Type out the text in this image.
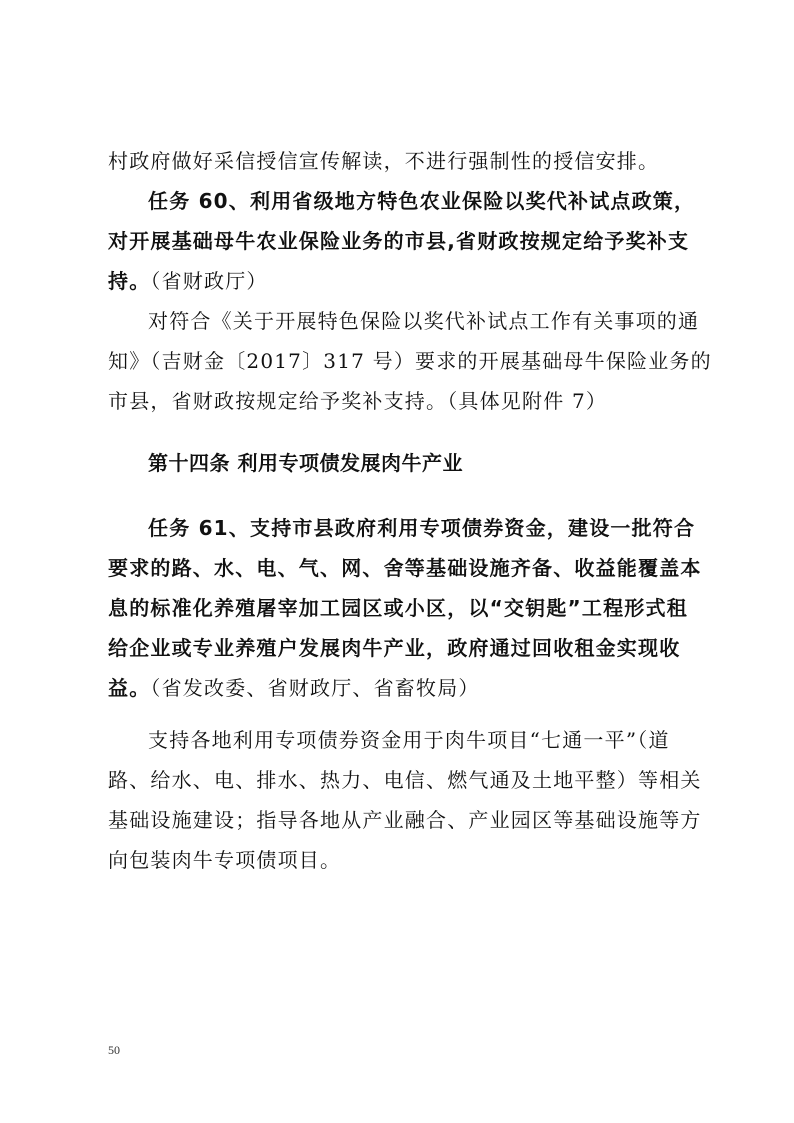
村政府做好采信授信宣传解读，不进行强制性的授信安排。
任务 60、利用省级地方特色农业保险以奖代补试点政策，
对开展基础母牛农业保险业务的市县,省财政按规定给予奖补支
持。（省财政厅）
对符合《关于开展特色保险以奖代补试点工作有关事项的通
知》（吉财金〔2017〕317 号）要求的开展基础母牛保险业务的
市县，省财政按规定给予奖补支持。（具体见附件 7）
第十四条 利用专项债发展肉牛产业
任务 61、支持市县政府利用专项债券资金，建设一批符合
要求的路、水、电、气、网、舍等基础设施齐备、收益能覆盖本
息的标准化养殖屠宰加工园区或小区，以“交钥匙”工程形式租
给企业或专业养殖户发展肉牛产业，政府通过回收租金实现收
益。（省发改委、省财政厅、省畜牧局）
支持各地利用专项债券资金用于肉牛项目“七通一平”（道
路、给水、电、排水、热力、电信、燃气通及土地平整）等相关
基础设施建设；指导各地从产业融合、产业园区等基础设施等方
向包装肉牛专项债项目。
50
